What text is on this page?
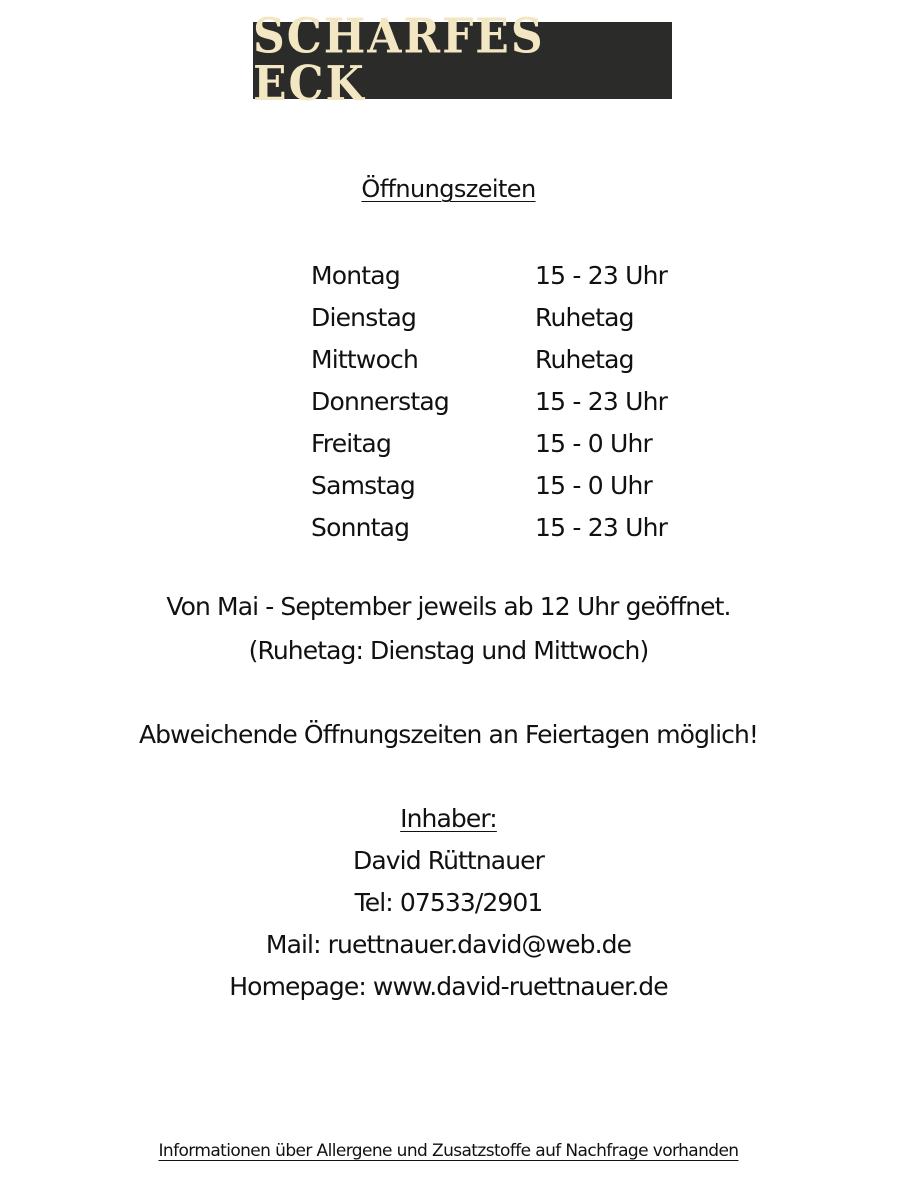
SCHARFES ECK
Öffnungszeiten
Montag	15 - 23 Uhr
Dienstag	Ruhetag
Mittwoch	Ruhetag
Donnerstag	15 - 23 Uhr
Freitag	15 - 0 Uhr
Samstag	15 - 0 Uhr
Sonntag	15 - 23 Uhr
Von Mai - September jeweils ab 12 Uhr geöffnet.
(Ruhetag: Dienstag und Mittwoch)
Abweichende Öffnungszeiten an Feiertagen möglich!
Inhaber:
David Rüttnauer
Tel: 07533/2901
Mail: ruettnauer.david@web.de
Homepage: www.david-ruettnauer.de
Informationen über Allergene und Zusatzstoffe auf Nachfrage vorhanden
